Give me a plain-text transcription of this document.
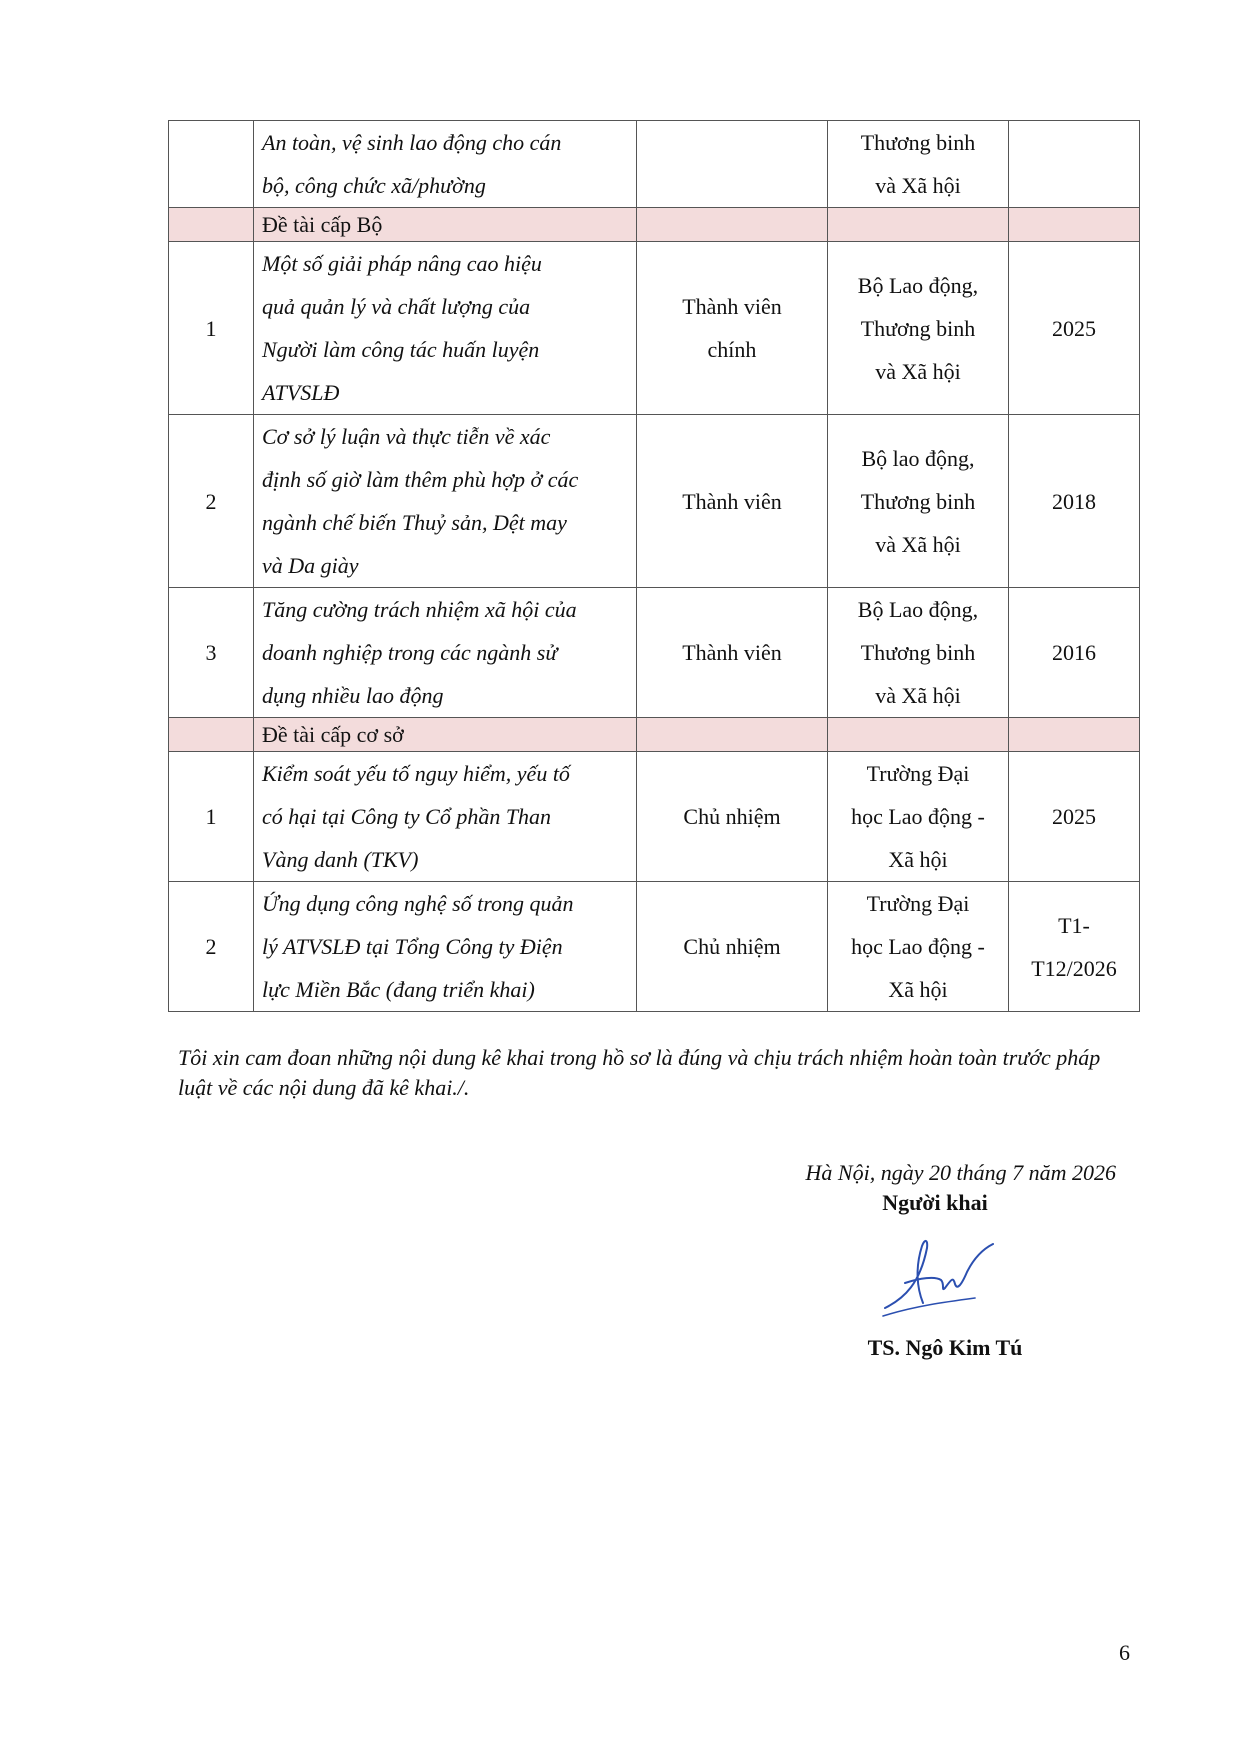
	An toàn, vệ sinh lao động cho cán
bộ, công chức xã/phường		Thương binh
và Xã hội	
	Đề tài cấp Bộ			
1	Một số giải pháp nâng cao hiệu
quả quản lý và chất lượng của
Người làm công tác huấn luyện
ATVSLĐ	Thành viên
chính	Bộ Lao động,
Thương binh
và Xã hội	2025
2	Cơ sở lý luận và thực tiễn về xác
định số giờ làm thêm phù hợp ở các
ngành chế biến Thuỷ sản, Dệt may
và Da giày	Thành viên	Bộ lao động,
Thương binh
và Xã hội	2018
3	Tăng cường trách nhiệm xã hội của
doanh nghiệp trong các ngành sử
dụng nhiều lao động	Thành viên	Bộ Lao động,
Thương binh
và Xã hội	2016
	Đề tài cấp cơ sở			
1	Kiểm soát yếu tố nguy hiểm, yếu tố
có hại tại Công ty Cổ phần Than
Vàng danh (TKV)	Chủ nhiệm	Trường Đại
học Lao động -
Xã hội	2025
2	Ứng dụng công nghệ số trong quản
lý ATVSLĐ tại Tổng Công ty Điện
lực Miền Bắc (đang triển khai)	Chủ nhiệm	Trường Đại
học Lao động -
Xã hội	T1-
T12/2026

Tôi xin cam đoan những nội dung kê khai trong hồ sơ là đúng và chịu trách nhiệm hoàn toàn trước pháp luật về các nội dung đã kê khai./.

Hà Nội, ngày 20 tháng 7 năm 2026

Người khai

TS. Ngô Kim Tú

6
